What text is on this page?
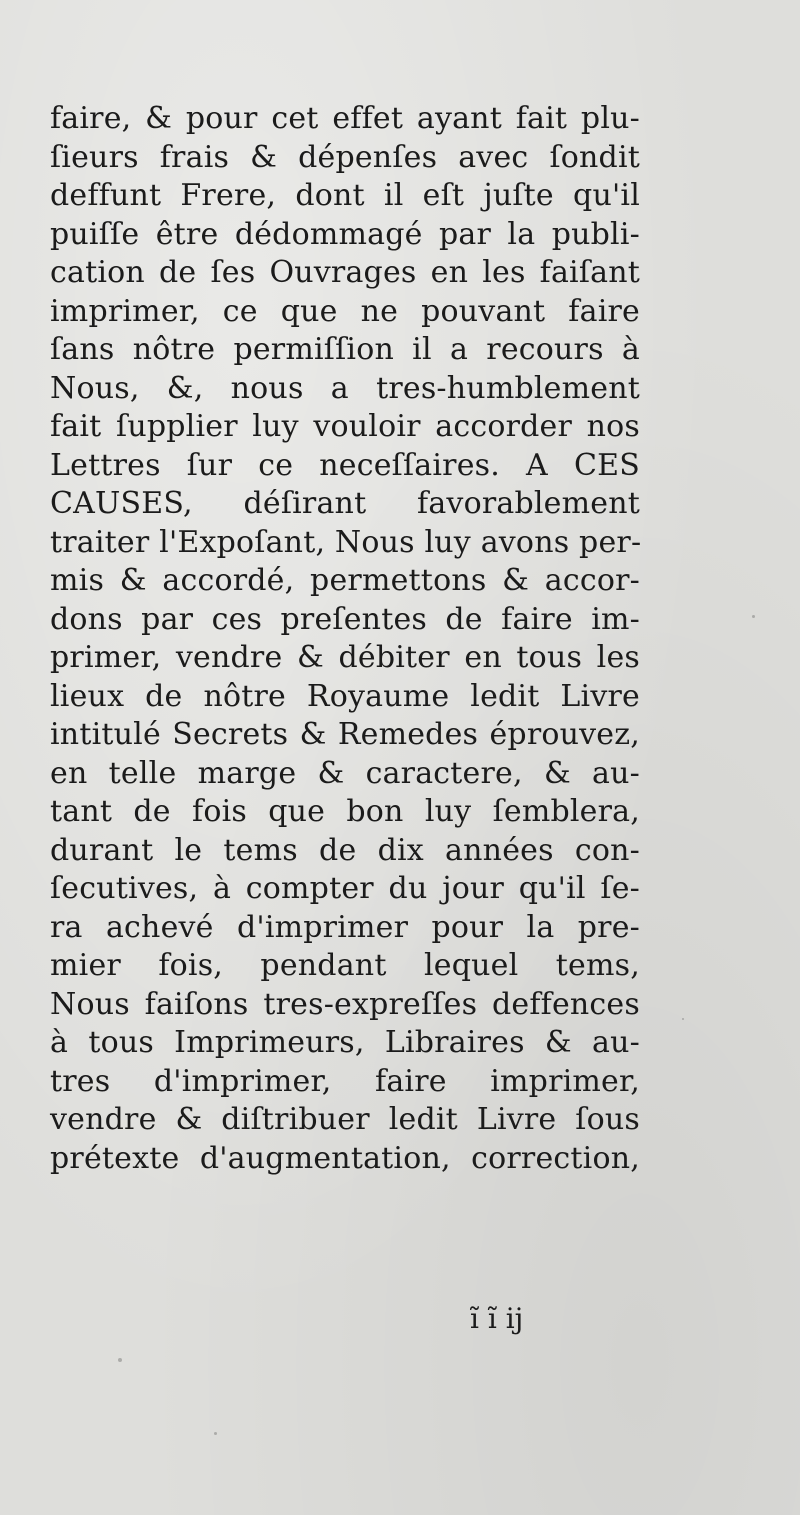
faire, & pour cet effet ayant fait plu-
ſieurs frais & dépenſes avec ſondit
deffunt Frere, dont il eſt juſte qu'il
puiſſe être dédommagé par la publi-
cation de ſes Ouvrages en les faiſant
imprimer, ce que ne pouvant faire
ſans nôtre permiſſion il a recours à
Nous, &, nous a tres-humblement
fait ſupplier luy vouloir accorder nos
Lettres ſur ce neceſſaires. A CES
CAUSES, déſirant favorablement
traiter l'Expoſant, Nous luy avons per-
mis & accordé, permettons & accor-
dons par ces preſentes de faire im-
primer, vendre & débiter en tous les
lieux de nôtre Royaume ledit Livre
intitulé Secrets & Remedes éprouvez,
en telle marge & caractere, & au-
tant de fois que bon luy ſemblera,
durant le tems de dix années con-
ſecutives, à compter du jour qu'il ſe-
ra achevé d'imprimer pour la pre-
mier fois, pendant lequel tems,
Nous faiſons tres-expreſſes deffences
à tous Imprimeurs, Libraires & au-
tres d'imprimer, faire imprimer,
vendre & diſtribuer ledit Livre ſous
prétexte d'augmentation, correction,
ĩ ĩ ij
